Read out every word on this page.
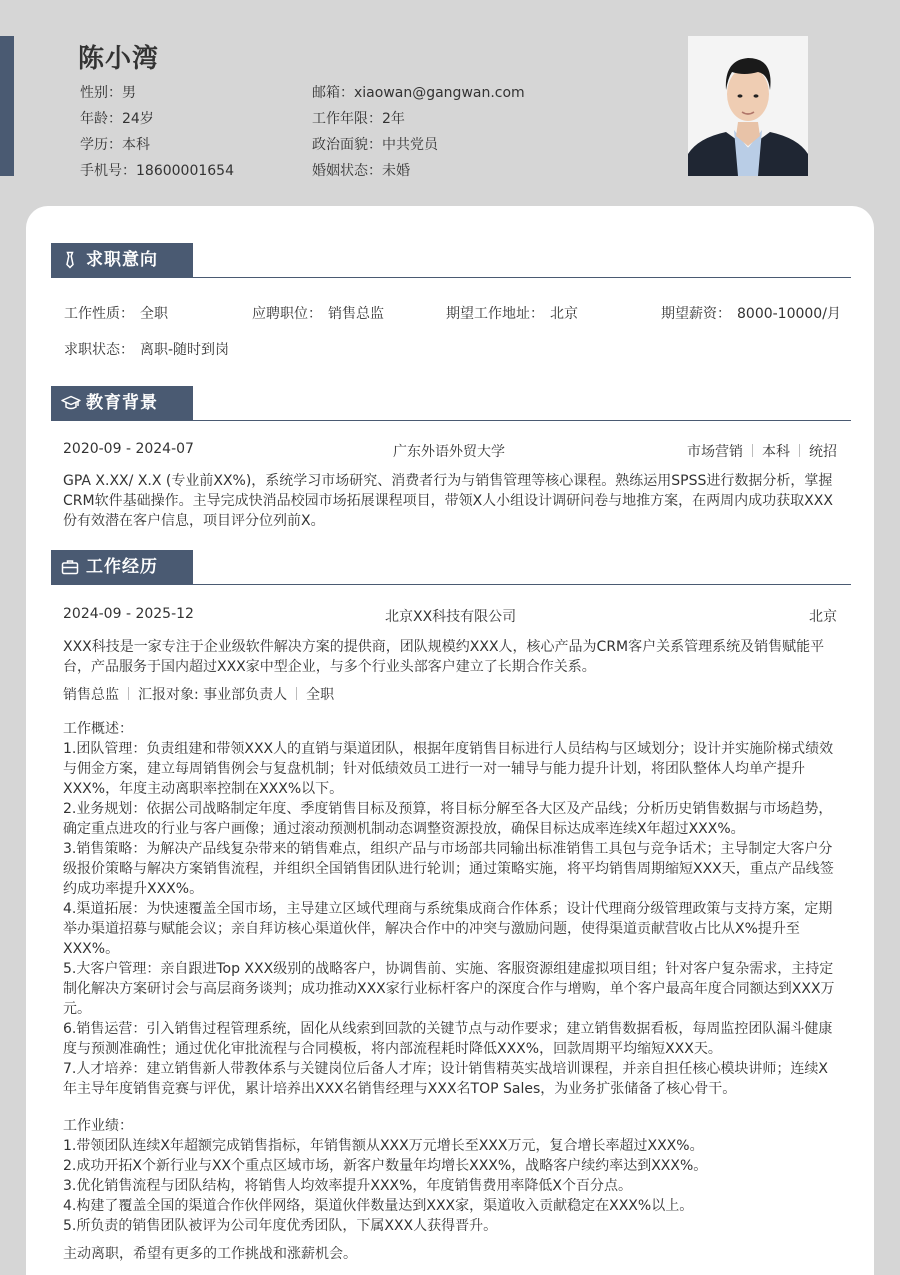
陈小湾
性别：男
年龄：24岁
学历：本科
手机号：18600001654
邮箱：xiaowan@gangwan.com
工作年限：2年
政治面貌：中共党员
婚姻状态：未婚
求职意向
工作性质： 全职	应聘职位： 销售总监	期望工作地址： 北京	期望薪资： 8000-10000/月
求职状态： 离职-随时到岗
教育背景
2020-09 - 2024-07	广东外语外贸大学	市场营销 本科 统招
GPA X.XX/ X.X (专业前XX%)，系统学习市场研究、消费者行为与销售管理等核心课程。熟练运用SPSS进行数据分析，掌握
CRM软件基础操作。主导完成快消品校园市场拓展课程项目，带领X人小组设计调研问卷与地推方案，在两周内成功获取XXX
份有效潜在客户信息，项目评分位列前X。
工作经历
2024-09 - 2025-12	北京XX科技有限公司	北京
XXX科技是一家专注于企业级软件解决方案的提供商，团队规模约XXX人，核心产品为CRM客户关系管理系统及销售赋能平
台，产品服务于国内超过XXX家中型企业，与多个行业头部客户建立了长期合作关系。
销售总监 汇报对象: 事业部负责人 全职
工作概述：
1.团队管理：负责组建和带领XXX人的直销与渠道团队，根据年度销售目标进行人员结构与区域划分；设计并实施阶梯式绩效
与佣金方案，建立每周销售例会与复盘机制；针对低绩效员工进行一对一辅导与能力提升计划，将团队整体人均单产提升
XXX%，年度主动离职率控制在XXX%以下。
2.业务规划：依据公司战略制定年度、季度销售目标及预算，将目标分解至各大区及产品线；分析历史销售数据与市场趋势，
确定重点进攻的行业与客户画像；通过滚动预测机制动态调整资源投放，确保目标达成率连续X年超过XXX%。
3.销售策略：为解决产品线复杂带来的销售难点，组织产品与市场部共同输出标准销售工具包与竞争话术；主导制定大客户分
级报价策略与解决方案销售流程，并组织全国销售团队进行轮训；通过策略实施，将平均销售周期缩短XXX天，重点产品线签
约成功率提升XXX%。
4.渠道拓展：为快速覆盖全国市场，主导建立区域代理商与系统集成商合作体系；设计代理商分级管理政策与支持方案，定期
举办渠道招募与赋能会议；亲自拜访核心渠道伙伴，解决合作中的冲突与激励问题，使得渠道贡献营收占比从X%提升至
XXX%。
5.大客户管理：亲自跟进Top XXX级别的战略客户，协调售前、实施、客服资源组建虚拟项目组；针对客户复杂需求，主持定
制化解决方案研讨会与高层商务谈判；成功推动XXX家行业标杆客户的深度合作与增购，单个客户最高年度合同额达到XXX万
元。
6.销售运营：引入销售过程管理系统，固化从线索到回款的关键节点与动作要求；建立销售数据看板，每周监控团队漏斗健康
度与预测准确性；通过优化审批流程与合同模板，将内部流程耗时降低XXX%，回款周期平均缩短XXX天。
7.人才培养：建立销售新人带教体系与关键岗位后备人才库；设计销售精英实战培训课程，并亲自担任核心模块讲师；连续X
年主导年度销售竞赛与评优，累计培养出XXX名销售经理与XXX名TOP Sales，为业务扩张储备了核心骨干。
工作业绩：
1.带领团队连续X年超额完成销售指标，年销售额从XXX万元增长至XXX万元，复合增长率超过XXX%。
2.成功开拓X个新行业与XX个重点区域市场，新客户数量年均增长XXX%，战略客户续约率达到XXX%。
3.优化销售流程与团队结构，将销售人均效率提升XXX%，年度销售费用率降低X个百分点。
4.构建了覆盖全国的渠道合作伙伴网络，渠道伙伴数量达到XXX家，渠道收入贡献稳定在XXX%以上。
5.所负责的销售团队被评为公司年度优秀团队，下属XXX人获得晋升。
主动离职，希望有更多的工作挑战和涨薪机会。
